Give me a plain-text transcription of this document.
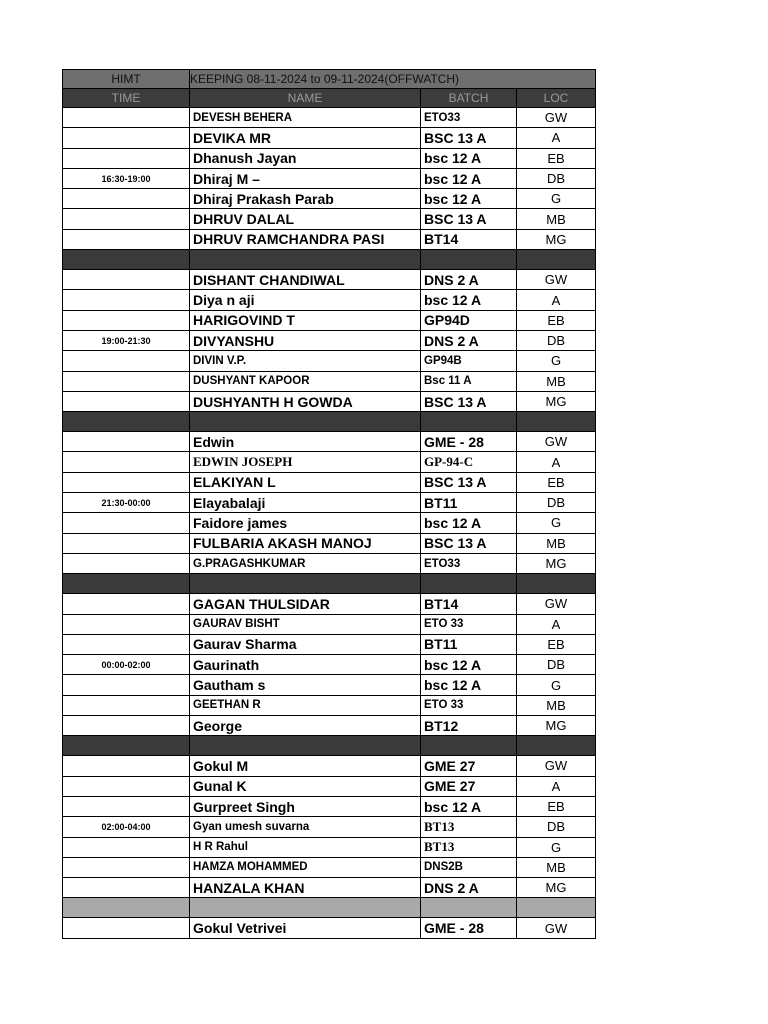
HIMT	KEEPING 08-11-2024 to 09-11-2024(OFFWATCH)		
TIME	NAME	BATCH	LOC
	DEVESH BEHERA	ETO33	GW
	DEVIKA MR	BSC 13 A	A
	Dhanush Jayan	bsc 12 A	EB
16:30-19:00	Dhiraj M –	bsc 12 A	DB
	Dhiraj Prakash Parab	bsc 12 A	G
	DHRUV DALAL	BSC 13 A	MB
	DHRUV RAMCHANDRA PASI	BT14	MG

	DISHANT CHANDIWAL	DNS 2 A	GW
	Diya n aji	bsc 12 A	A
	HARIGOVIND T	GP94D	EB
19:00-21:30	DIVYANSHU	DNS 2 A	DB
	DIVIN V.P.	GP94B	G
	DUSHYANT KAPOOR	Bsc 11 A	MB
	DUSHYANTH H GOWDA	BSC 13 A	MG

	Edwin	GME - 28	GW
	EDWIN JOSEPH	GP-94-C	A
	ELAKIYAN L	BSC 13 A	EB
21:30-00:00	Elayabalaji	BT11	DB
	Faidore james	bsc 12 A	G
	FULBARIA AKASH MANOJ	BSC 13 A	MB
	G.PRAGASHKUMAR	ETO33	MG

	GAGAN THULSIDAR	BT14	GW
	GAURAV BISHT	ETO 33	A
	Gaurav Sharma	BT11	EB
00:00-02:00	Gaurinath	bsc 12 A	DB
	Gautham s	bsc 12 A	G
	GEETHAN R	ETO 33	MB
	George	BT12	MG

	Gokul M	GME 27	GW
	Gunal K	GME 27	A
	Gurpreet Singh	bsc 12 A	EB
02:00-04:00	Gyan umesh suvarna	BT13	DB
	H R Rahul	BT13	G
	HAMZA MOHAMMED	DNS2B	MB
	HANZALA KHAN	DNS 2 A	MG

	Gokul Vetrivei	GME - 28	GW
